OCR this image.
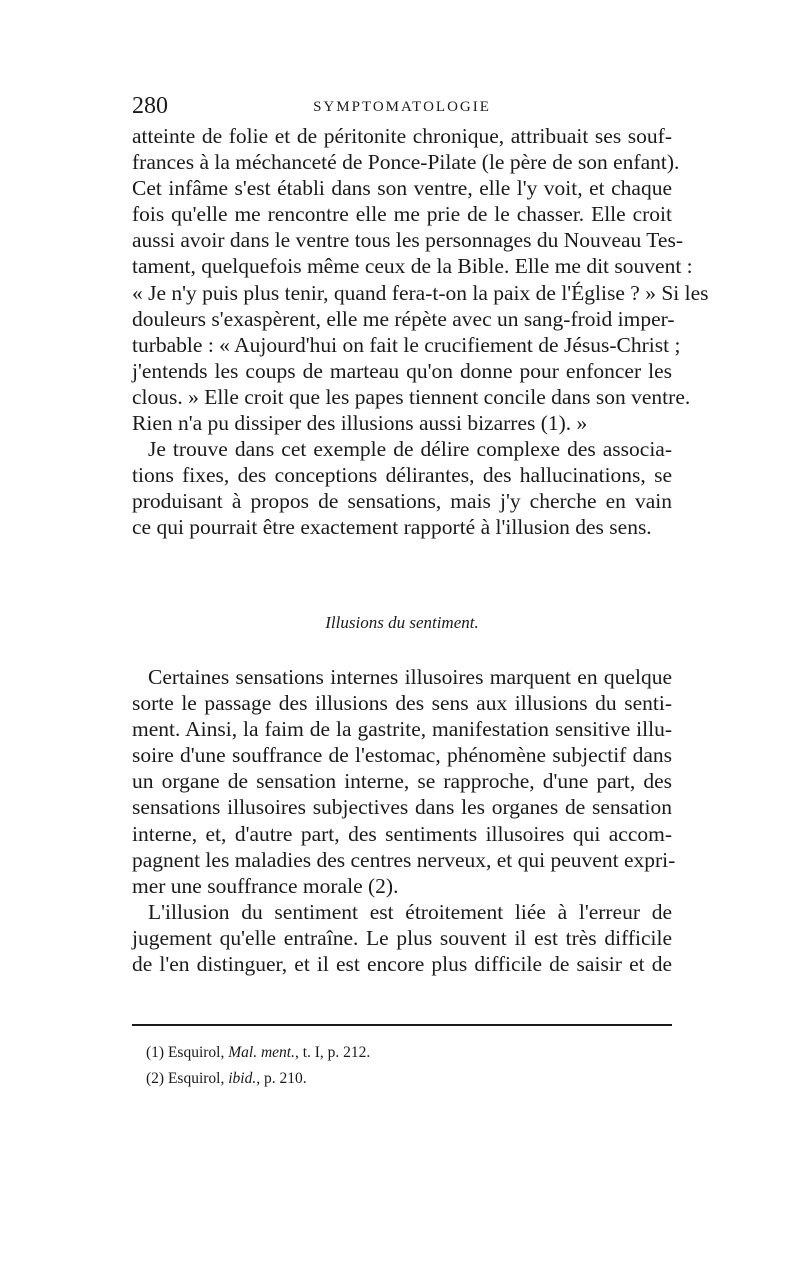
280	SYMPTOMATOLOGIE
atteinte de folie et de péritonite chronique, attribuait ses souf-
frances à la méchanceté de Ponce-Pilate (le père de son enfant).
Cet infâme s'est établi dans son ventre, elle l'y voit, et chaque
fois qu'elle me rencontre elle me prie de le chasser. Elle croit
aussi avoir dans le ventre tous les personnages du Nouveau Tes-
tament, quelquefois même ceux de la Bible. Elle me dit souvent :
« Je n'y puis plus tenir, quand fera-t-on la paix de l'Église ? » Si les
douleurs s'exaspèrent, elle me répète avec un sang-froid imper-
turbable : « Aujourd'hui on fait le crucifiement de Jésus-Christ ;
j'entends les coups de marteau qu'on donne pour enfoncer les
clous. » Elle croit que les papes tiennent concile dans son ventre.
Rien n'a pu dissiper des illusions aussi bizarres (1). »
Je trouve dans cet exemple de délire complexe des associa-
tions fixes, des conceptions délirantes, des hallucinations, se
produisant à propos de sensations, mais j'y cherche en vain
ce qui pourrait être exactement rapporté à l'illusion des sens.
Illusions du sentiment.
Certaines sensations internes illusoires marquent en quelque
sorte le passage des illusions des sens aux illusions du senti-
ment. Ainsi, la faim de la gastrite, manifestation sensitive illu-
soire d'une souffrance de l'estomac, phénomène subjectif dans
un organe de sensation interne, se rapproche, d'une part, des
sensations illusoires subjectives dans les organes de sensation
interne, et, d'autre part, des sentiments illusoires qui accom-
pagnent les maladies des centres nerveux, et qui peuvent expri-
mer une souffrance morale (2).
L'illusion du sentiment est étroitement liée à l'erreur de
jugement qu'elle entraîne. Le plus souvent il est très difficile
de l'en distinguer, et il est encore plus difficile de saisir et de
(1) Esquirol, Mal. ment., t. I, p. 212.
(2) Esquirol, ibid., p. 210.
